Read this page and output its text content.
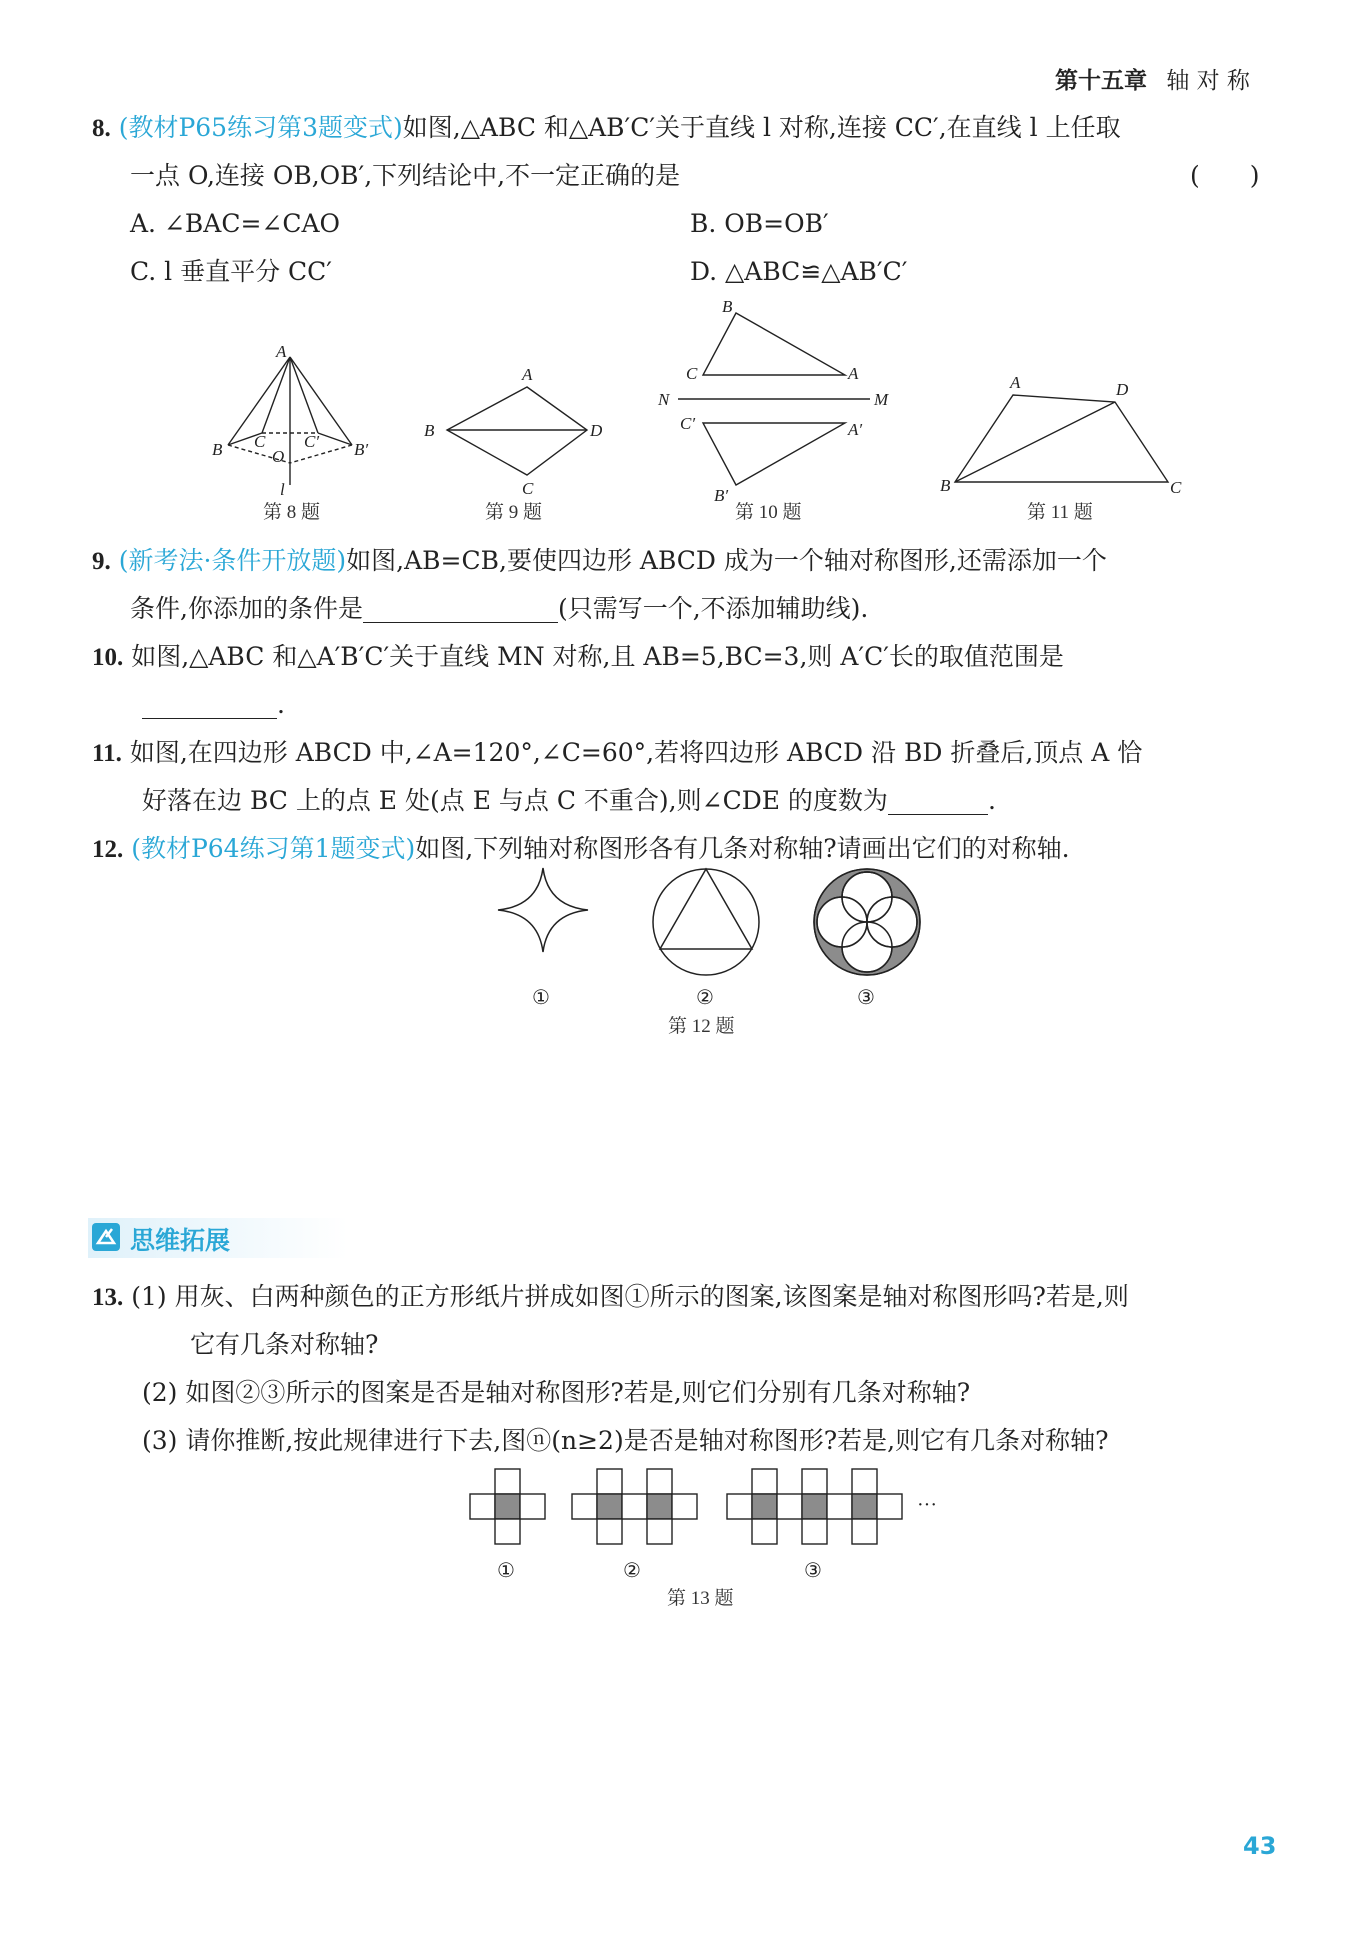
第十五章 轴 对 称
8. (教材P65练习第3题变式)如图,△ABC 和△AB′C′关于直线 l 对称,连接 CC′,在直线 l 上任取
一点 O,连接 OB,OB′,下列结论中,不一定正确的是	(　　)
A. ∠BAC=∠CAO	B. OB=OB′
C. l 垂直平分 CC′	D. △ABC≌△AB′C′
A
B C C′ B′
O
l
第 8 题
A
B
C
D
第 9 题
B
C	A
N	M
C′	A′
B′
第 10 题
A	D
C
B
第 11 题
9. (新考法·条件开放题)如图,AB=CB,要使四边形 ABCD 成为一个轴对称图形,还需添加一个
条件,你添加的条件是	(只需写一个,不添加辅助线).
10. 如图,△ABC 和△A′B′C′关于直线 MN 对称,且 AB=5,BC=3,则 A′C′长的取值范围是
.
11. 如图,在四边形 ABCD 中,∠A=120°,∠C=60°,若将四边形 ABCD 沿 BD 折叠后,顶点 A 恰
好落在边 BC 上的点 E 处(点 E 与点 C 不重合),则∠CDE 的度数为	.
12. (教材P64练习第1题变式)如图,下列轴对称图形各有几条对称轴?请画出它们的对称轴.
①	②	③
第 12 题
思维拓展
13. (1) 用灰、白两种颜色的正方形纸片拼成如图①所示的图案,该图案是轴对称图形吗?若是,则
它有几条对称轴?
(2) 如图②③所示的图案是否是轴对称图形?若是,则它们分别有几条对称轴?
(3) 请你推断,按此规律进行下去,图ⓝ(n≥2)是否是轴对称图形?若是,则它有几条对称轴?
···
①	②	③
第 13 题
43
